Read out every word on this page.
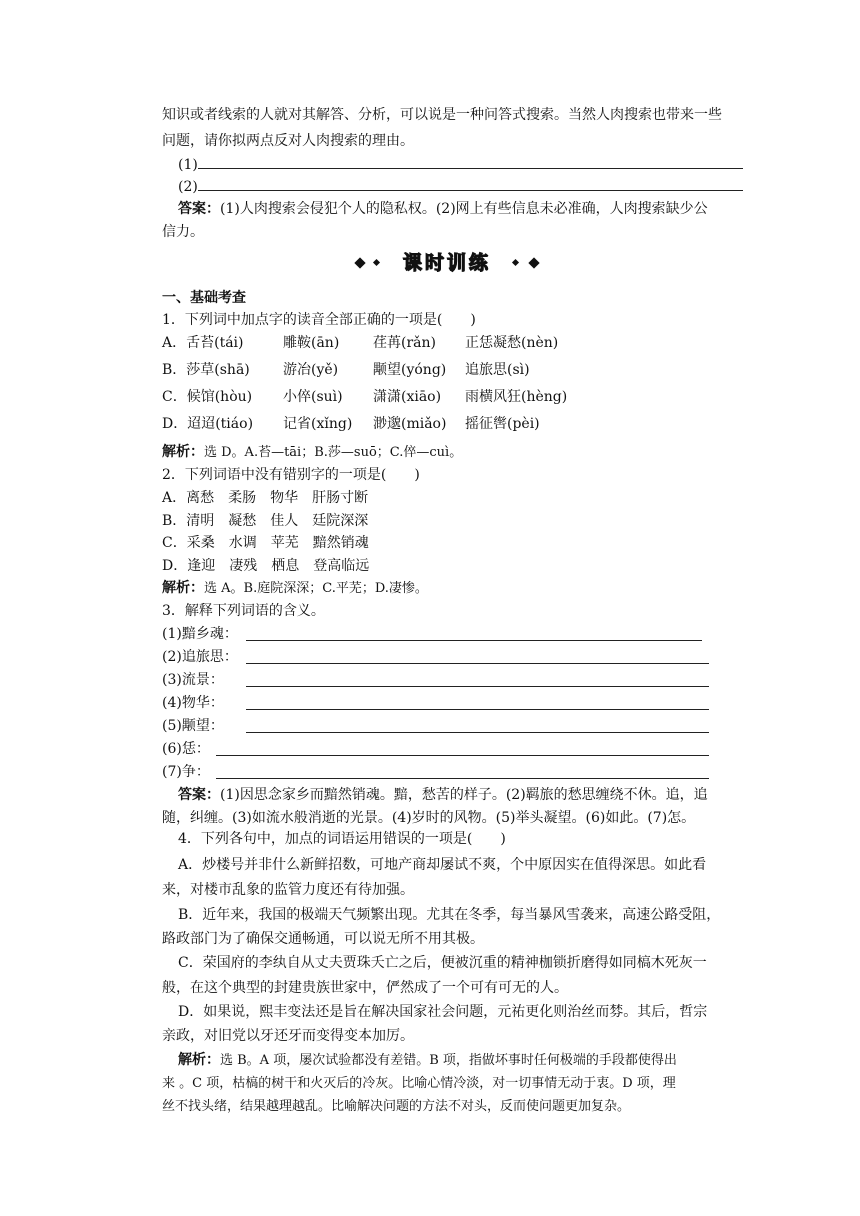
知识或者线索的人就对其解答、分析，可以说是一种问答式搜索。当然人肉搜索也带来一些
问题，请你拟两点反对人肉搜索的理由。
(1)
(2)
答案：(1)人肉搜索会侵犯个人的隐私权。(2)网上有些信息未必准确，人肉搜索缺少公
信力。
课时训练
一、基础考查
1．下列词中加点字的读音全部正确的一项是(　　)
A．舌苔(tái)	雕鞍(ān) 荏苒(rǎn) 正恁凝愁(nèn)
B．莎草(shā) 游冶(yě) 颙望(yóng) 追旅思(sì)
C．候馆(hòu) 小倅(suì) 潇潇(xiāo) 雨横风狂(hèng)
D．迢迢(tiáo) 记省(xǐng) 渺邈(miǎo) 摇征辔(pèi)
解析：选 D。A.苔—tāi；B.莎—suō；C.倅—cuì。
2．下列词语中没有错别字的一项是(　　)
A．离愁　柔肠　物华　肝肠寸断
B．清明　凝愁　佳人　廷院深深
C．采桑　水调　苹芜　黯然销魂
D．逢迎　凄残　栖息　登高临远
解析：选 A。B.庭院深深；C.平芜；D.凄惨。
3．解释下列词语的含义。
(1)黯乡魂：
(2)追旅思：
(3)流景：
(4)物华：
(5)颙望：
(6)恁：
(7)争：
答案：(1)因思念家乡而黯然销魂。黯，愁苦的样子。(2)羁旅的愁思缠绕不休。追，追
随，纠缠。(3)如流水般消逝的光景。(4)岁时的风物。(5)举头凝望。(6)如此。(7)怎。
4．下列各句中，加点的词语运用错误的一项是(　　)
A．炒楼号并非什么新鲜招数，可地产商却屡试不爽，个中原因实在值得深思。如此看
来，对楼市乱象的监管力度还有待加强。
B．近年来，我国的极端天气频繁出现。尤其在冬季，每当暴风雪袭来，高速公路受阻，
路政部门为了确保交通畅通，可以说无所不用其极。
C．荣国府的李纨自从丈夫贾珠夭亡之后，便被沉重的精神枷锁折磨得如同槁木死灰一
般，在这个典型的封建贵族世家中，俨然成了一个可有可无的人。
D．如果说，熙丰变法还是旨在解决国家社会问题，元祐更化则治丝而棼。其后，哲宗
亲政，对旧党以牙还牙而变得变本加厉。
解析：选 B。A 项，屡次试验都没有差错。B 项，指做坏事时任何极端的手段都使得出
来 。C 项，枯槁的树干和火灭后的冷灰。比喻心情冷淡，对一切事情无动于衷。D 项，理
丝不找头绪，结果越理越乱。比喻解决问题的方法不对头，反而使问题更加复杂。
